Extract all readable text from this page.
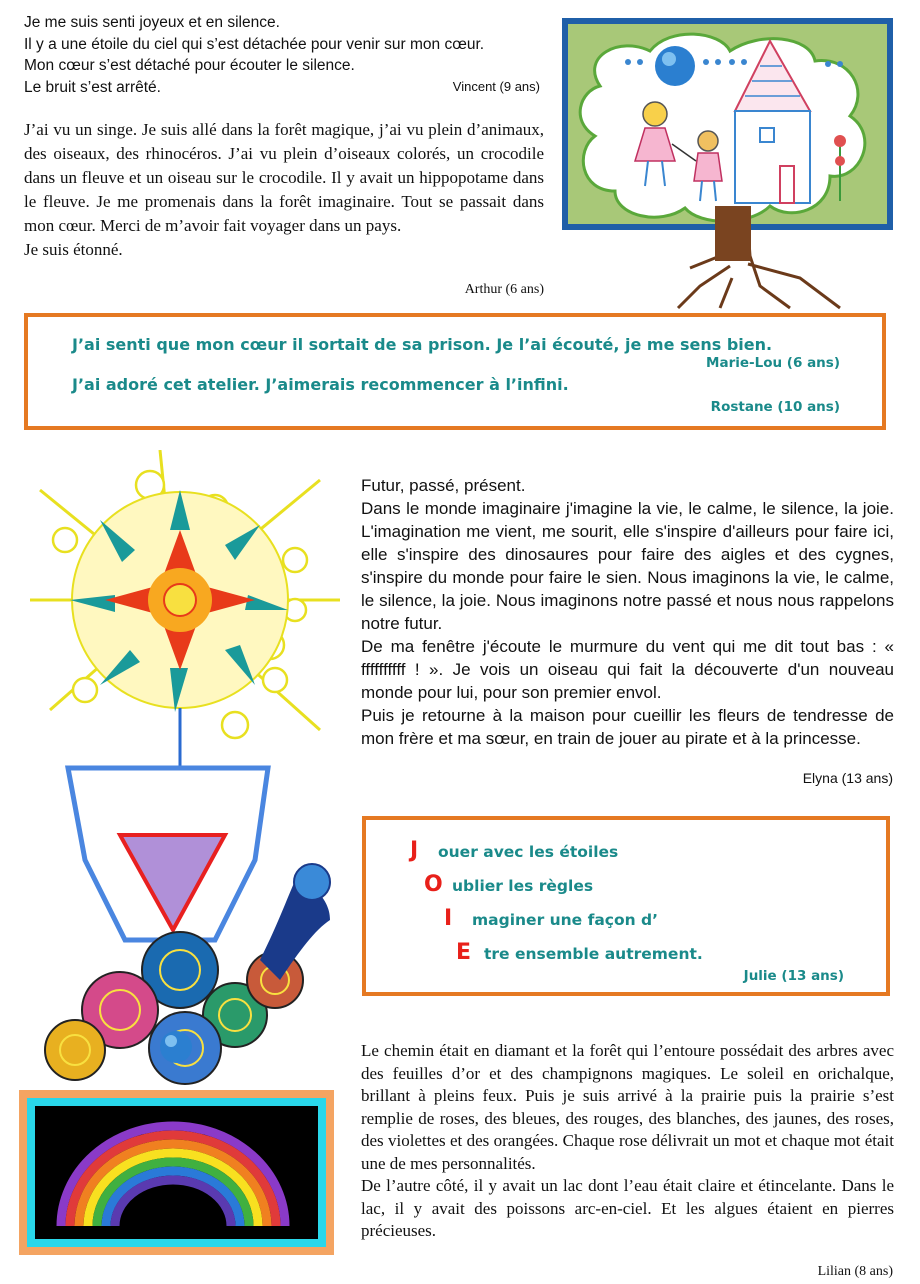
Je me suis senti joyeux et en silence.
Il y a une étoile du ciel qui s’est détachée pour venir sur mon cœur.
Mon cœur s’est détaché pour écouter le silence.
Le bruit s’est arrêté.	Vincent (9 ans)
J’ai vu un singe. Je suis allé dans la forêt magique, j’ai vu plein d’animaux, des oiseaux, des rhinocéros. J’ai vu plein d’oiseaux colorés, un crocodile dans un fleuve et un oiseau sur le crocodile. Il y avait un hippopotame dans le fleuve. Je me promenais dans la forêt imaginaire. Tout se passait dans mon cœur. Merci de m’avoir fait voyager dans un pays.
Je suis étonné.
Arthur (6 ans)
J’ai senti que mon cœur il sortait de sa prison. Je l’ai écouté, je me sens bien.
Marie-Lou (6 ans)
J’ai adoré cet atelier. J’aimerais recommencer à l’infini.
Rostane (10 ans)

Futur, passé, présent.

Dans le monde imaginaire j'imagine la vie, le calme, le silence, la joie. L'imagination me vient, me sourit, elle s'inspire d'ailleurs pour faire ici, elle s'inspire des dinosaures pour faire des aigles et des cygnes, s'inspire du monde pour faire le sien. Nous imaginons la vie, le calme, le silence, la joie. Nous imaginons notre passé et nous nous rappelons notre futur.

De ma fenêtre j'écoute le murmure du vent qui me dit tout bas : « ffffffffff ! ». Je vois un oiseau qui fait la découverte d'un nouveau monde pour lui, pour son premier envol.

Puis je retourne à la maison pour cueillir les fleurs de tendresse de mon frère et ma sœur, en train de jouer au pirate et à la princesse.

Elyna (13 ans)
J	ouer avec les étoiles
O ublier les règles
I	maginer une façon d’
E tre ensemble autrement.
Julie (13 ans)

Le chemin était en diamant et la forêt qui l’entoure possédait des arbres avec des feuilles d’or et des champignons magiques. Le soleil en orichalque, brillant à pleins feux. Puis je suis arrivé à la prairie puis la prairie s’est remplie de roses, des bleues, des rouges, des blanches, des jaunes, des roses, des violettes et des orangées. Chaque rose délivrait un mot et chaque mot était une de mes personnalités.

De l’autre côté, il y avait un lac dont l’eau était claire et étincelante. Dans le lac, il y avait des poissons arc-en-ciel. Et les algues étaient en pierres précieuses.

Lilian (8 ans)
